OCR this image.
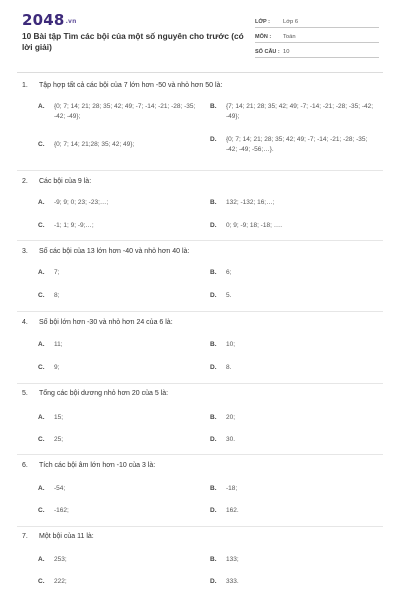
2048.vn
10 Bài tập Tìm các bội của một số nguyên cho trước (có lời giải)
LỚP : Lớp 6
MÔN : Toán
SỐ CÂU : 10
1. Tập hợp tất cả các bội của 7 lớn hơn -50 và nhỏ hơn 50 là:
A. {0; 7; 14; 21; 28; 35; 42; 49; -7; -14; -21; -28; -35; -42; -49};
B. {7; 14; 21; 28; 35; 42; 49; -7; -14; -21; -28; -35; -42; -49};
C. {0; 7; 14; 21;28; 35; 42; 49};
D. {0; 7; 14; 21; 28; 35; 42; 49; -7; -14; -21; -28; -35; -42; -49; -56;…}.
2. Các bội của 9 là:
A. -9; 9; 0; 23; -23;…;	B. 132; -132; 16;…;
C. -1; 1; 9; -9;…;	D. 0; 9; -9; 18; -18; ….
3. Số các bội của 13 lớn hơn -40 và nhỏ hơn 40 là:
A. 7;	B. 6;
C. 8;	D. 5.
4. Số bội lớn hơn -30 và nhỏ hơn 24 của 6 là:
A. 11;	B. 10;
C. 9;	D. 8.
5. Tổng các bội dương nhỏ hơn 20 của 5 là:
A. 15;	B. 20;
C. 25;	D. 30.
6. Tích các bội âm lớn hơn -10 của 3 là:
A. -54;	B. -18;
C. -162;	D. 162.
7. Một bội của 11 là:
A. 253;	B. 133;
C. 222;	D. 333.
